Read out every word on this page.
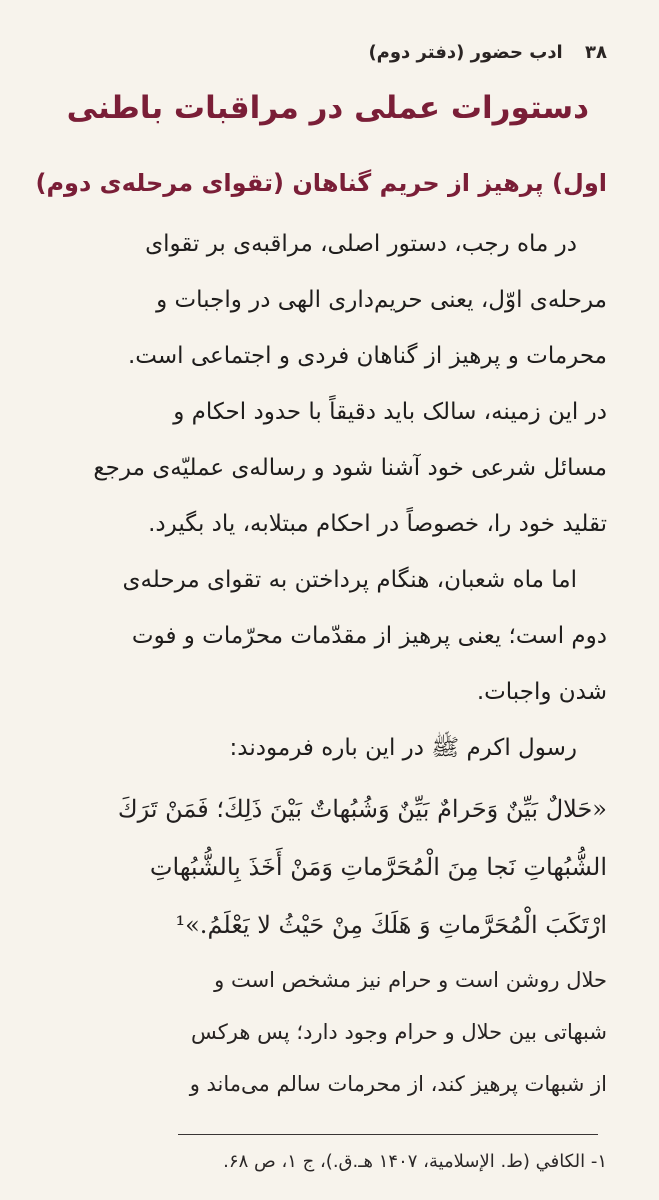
۳۸ ادب حضور (دفتر دوم)
دستورات عملی در مراقبات باطنی
اول) پرهیز از حریم گناهان (تقوای مرحله‌ی دوم)
در ماه رجب، دستور اصلی، مراقبه‌ی بر تقوای
مرحله‌ی اوّل، یعنی حریم‌داری الهی در واجبات و
محرمات و پرهیز از گناهان فردی و اجتماعی است.
در این زمینه، سالک باید دقیقاً با حدود احکام و
مسائل شرعی خود آشنا شود و رساله‌ی عملیّه‌ی مرجع
تقلید خود را، خصوصاً در احکام مبتلابه، یاد بگیرد.
اما ماه شعبان، هنگام پرداختن به تقوای مرحله‌ی
دوم است؛ یعنی پرهیز از مقدّمات محرّمات و فوت
شدن واجبات.
رسول اکرم ﷺ در این باره فرمودند:
«حَلالٌ بَيِّنٌ وَحَرامٌ بَيِّنٌ وَشُبُهاتٌ بَيْنَ ذَلِكَ؛ فَمَنْ تَرَكَ
الشُّبُهاتِ نَجا مِنَ الْمُحَرَّماتِ وَمَنْ أَخَذَ بِالشُّبُهاتِ
ارْتَكَبَ الْمُحَرَّماتِ وَ هَلَكَ مِنْ حَيْثُ لا يَعْلَمُ.»¹
حلال روشن است و حرام نیز مشخص است و
شبهاتی بین حلال و حرام وجود دارد؛ پس هرکس
از شبهات پرهیز کند، از محرمات سالم می‌ماند و
۱- الکافي (ط. الإسلامیة، ۱۴۰۷ هـ.ق.)، ج ۱، ص ۶۸.
